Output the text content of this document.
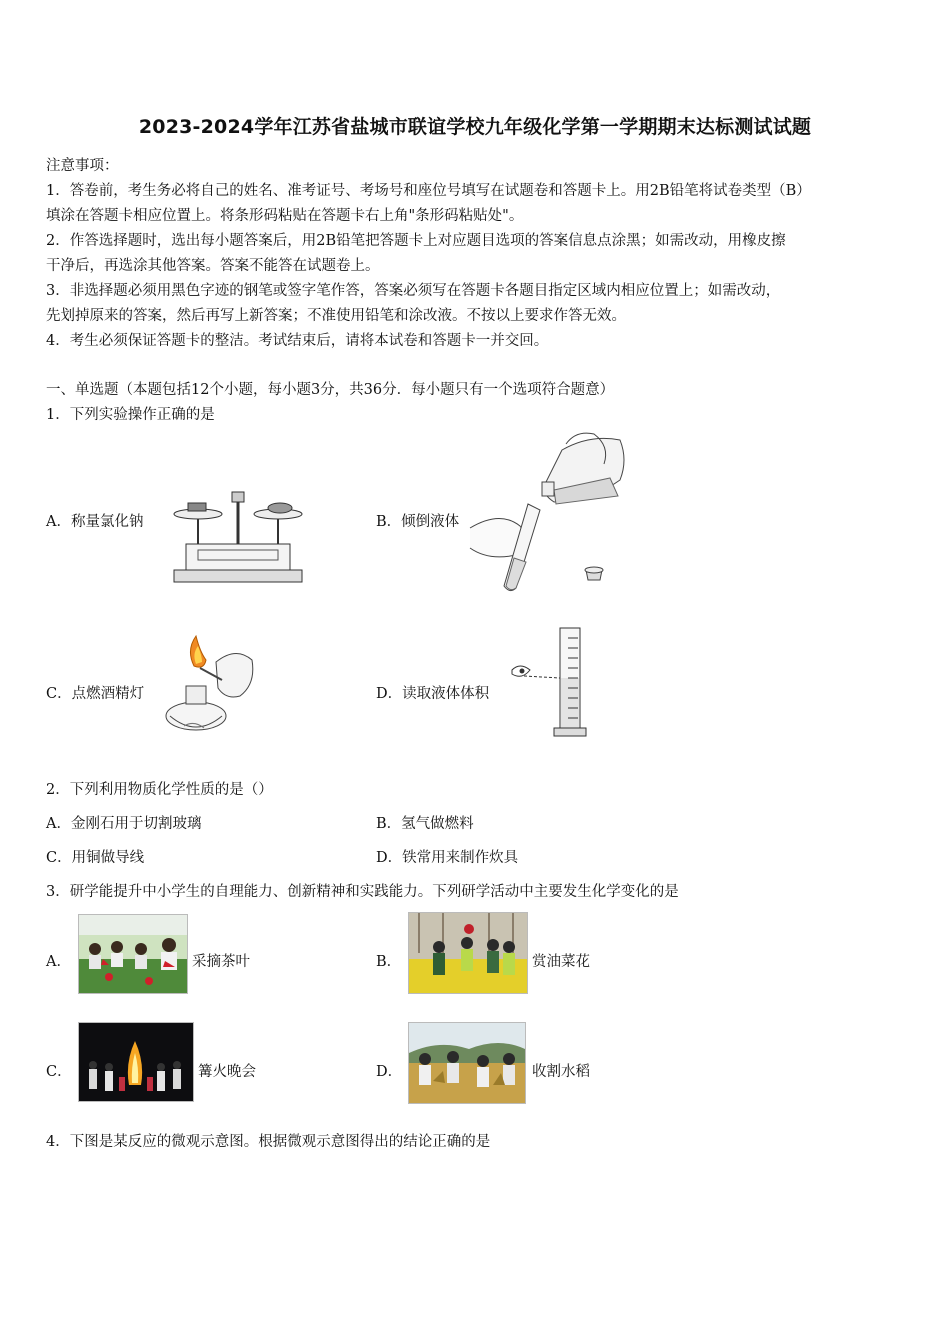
2023-2024学年江苏省盐城市联谊学校九年级化学第一学期期末达标测试试题
注意事项：
1．答卷前，考生务必将自己的姓名、准考证号、考场号和座位号填写在试题卷和答题卡上。用2B铅笔将试卷类型（B）
填涂在答题卡相应位置上。将条形码粘贴在答题卡右上角"条形码粘贴处"。
2．作答选择题时，选出每小题答案后，用2B铅笔把答题卡上对应题目选项的答案信息点涂黑；如需改动，用橡皮擦
干净后，再选涂其他答案。答案不能答在试题卷上。
3．非选择题必须用黑色字迹的钢笔或签字笔作答，答案必须写在答题卡各题目指定区域内相应位置上；如需改动，
先划掉原来的答案，然后再写上新答案；不准使用铅笔和涂改液。不按以上要求作答无效。
4．考生必须保证答题卡的整洁。考试结束后，请将本试卷和答题卡一并交回。
一、单选题（本题包括12个小题，每小题3分，共36分．每小题只有一个选项符合题意）
1．下列实验操作正确的是
A．称量氯化钠	B．倾倒液体
C．点燃酒精灯	D．读取液体体积
2．下列利用物质化学性质的是（）
A．金刚石用于切割玻璃	B．氢气做燃料
C．用铜做导线	D．铁常用来制作炊具
3．研学能提升中小学生的自理能力、创新精神和实践能力。下列研学活动中主要发生化学变化的是
A．	采摘茶叶	B．	赏油菜花
C．	篝火晚会	D．	收割水稻
4．下图是某反应的微观示意图。根据微观示意图得出的结论正确的是
